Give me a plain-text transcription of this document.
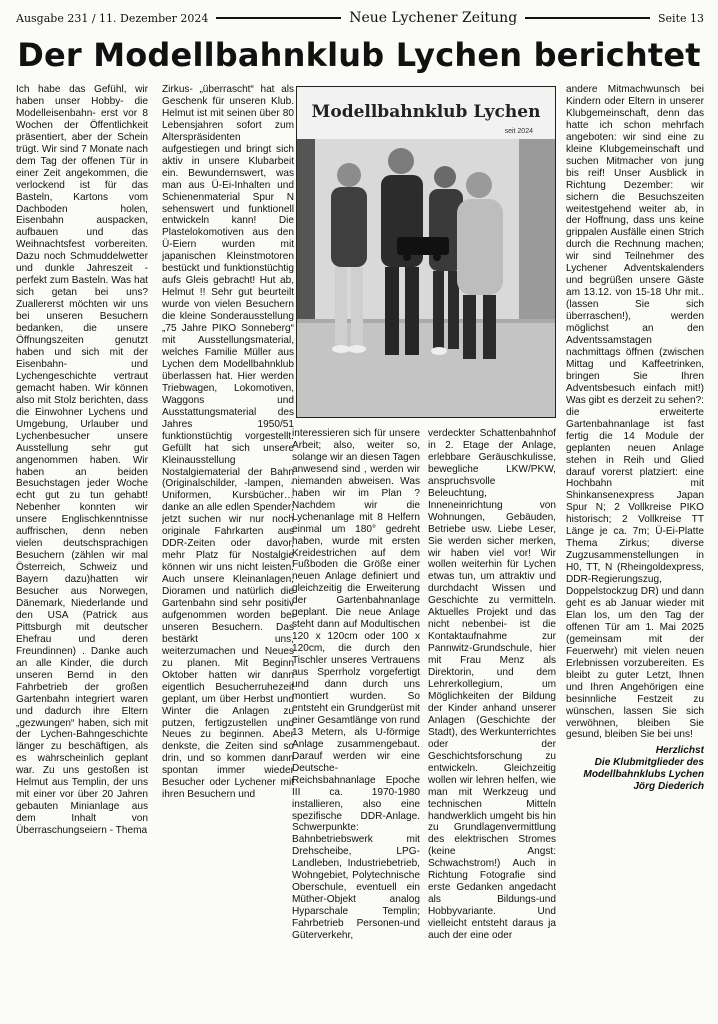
Ausgabe 231 / 11. Dezember 2024	Neue Lychener Zeitung	Seite 13
Der Modellbahnklub Lychen berichtet

Ich habe das Gefühl, wir haben unser Hobby- die Modelleisenbahn- erst vor 8 Wochen der Öffentlichkeit präsentiert, aber der Schein trügt. Wir sind 7 Monate nach dem Tag der offenen Tür in einer Zeit angekommen, die verlockend ist für das Basteln, Kartons vom Dachboden holen, Eisenbahn auspacken, aufbauen und das Weihnachtsfest vorbereiten. Dazu noch Schmuddelwetter und dunkle Jahreszeit - perfekt zum Basteln. Was hat sich getan bei uns? Zuallererst möchten wir uns bei unseren Besuchern bedanken, die unsere Öffnungszeiten genutzt haben und sich mit der Eisenbahn- und Lychengeschichte vertraut gemacht haben. Wir können also mit Stolz berichten, dass die Einwohner Lychens und Umgebung, Urlauber und Lychenbesucher unsere Ausstellung sehr gut angenommen haben. Wir haben an beiden Besuchstagen jeder Woche echt gut zu tun gehabt! Nebenher konnten wir unsere Englischkenntnisse auffrischen, denn neben vielen deutschsprachigen Besuchern (zählen wir mal Österreich, Schweiz und Bayern dazu)hatten wir Besucher aus Norwegen, Dänemark, Niederlande und den USA (Patrick aus Pittsburgh mit deutscher Ehefrau und deren Freundinnen) . Danke auch an alle Kinder, die durch unseren Bernd in den Fahrbetrieb der großen Gartenbahn integriert waren und dadurch ihre Eltern „gezwungen“ haben, sich mit der Lychen-Bahngeschichte länger zu beschäftigen, als es wahrscheinlich geplant war. Zu uns gestoßen ist Helmut aus Templin, der uns mit einer vor über 20 Jahren gebauten Minianlage aus dem Inhalt von Überraschungseiern - Thema

Zirkus- „überrascht“ hat als Geschenk für unseren Klub. Helmut ist mit seinen über 80 Lebensjahren sofort zum Alterspräsidenten aufgestiegen und bringt sich aktiv in unsere Klubarbeit ein. Bewundernswert, was man aus Ü-Ei-Inhalten und Schienenmaterial Spur N sehenswert und funktionell entwickeln kann! Die Plastelokomotiven aus den Ü-Eiern wurden mit japanischen Kleinstmotoren bestückt und funktionstüchtig aufs Gleis gebracht! Hut ab, Helmut !! Sehr gut beurteilt wurde von vielen Besuchern die kleine Sonderausstellung „75 Jahre PIKO Sonneberg“ mit Ausstellungsmaterial, welches Familie Müller aus Lychen dem Modellbahnklub überlassen hat. Hier werden Triebwagen, Lokomotiven, Waggons und Ausstattungsmaterial des Jahres 1950/51 funktionstüchtig vorgestellt. Gefüllt hat sich unsere Kleinausstellung Nostalgiematerial der Bahn (Originalschilder, -lampen, -Uniformen, Kursbücher… danke an alle edlen Spender; jetzt suchen wir nur noch originale Fahrkarten aus DDR-Zeiten oder davor, mehr Platz für Nostalgie können wir uns nicht leisten. Auch unsere Kleinanlagen, Dioramen und natürlich die Gartenbahn sind sehr positiv aufgenommen worden bei unseren Besuchern. Das bestärkt uns, weiterzumachen und Neues zu planen. Mit Beginn Oktober hatten wir dann eigentlich Besucherruhezeit geplant, um über Herbst und Winter die Anlagen zu putzen, fertigzustellen und Neues zu beginnen. Aber denkste, die Zeiten sind so drin, und so kommen dann spontan immer wieder Besucher oder Lychener mit ihren Besuchern und

Modellbahnklub Lychen
seit 2024

interessieren sich für unsere Arbeit; also, weiter so, solange wir an diesen Tagen anwesend sind , werden wir niemanden abweisen. Was haben wir im Plan ? Nachdem wir die Lychenanlage mit 8 Helfern einmal um 180° gedreht haben, wurde mit ersten Kreidestrichen auf dem Fußboden die Größe einer neuen Anlage definiert und gleichzeitig die Erweiterung der Gartenbahnanlage geplant. Die neue Anlage steht dann auf Modultischen 120 x 120cm oder 100 x 120cm, die durch den Tischler unseres Vertrauens aus Sperrholz vorgefertigt und dann durch uns montiert wurden. So entsteht ein Grundgerüst mit einer Gesamtlänge von rund 13 Metern, als U-förmige Anlage zusammengebaut. Darauf werden wir eine Deutsche-Reichsbahnanlage Epoche III ca. 1970-1980 installieren, also eine spezifische DDR-Anlage. Schwerpunkte: Bahnbetriebswerk mit Drehscheibe, LPG-Landleben, Industriebetrieb, Wohngebiet, Polytechnische Oberschule, eventuell ein Müther-Objekt analog Hyparschale Templin; Fahrbetrieb Personen-und Güterverkehr,

verdeckter Schattenbahnhof in 2. Etage der Anlage, erlebbare Geräuschkulisse, bewegliche LKW/PKW, anspruchsvolle Beleuchtung, Inneneinrichtung von Wohnungen, Gebäuden, Betriebe usw. Liebe Leser, Sie werden sicher merken, wir haben viel vor! Wir wollen weiterhin für Lychen etwas tun, um attraktiv und durchdacht Wissen und Geschichte zu vermitteln. Aktuelles Projekt und das nicht nebenbei- ist die Kontaktaufnahme zur Pannwitz-Grundschule, hier mit Frau Menz als Direktorin, und dem Lehrerkollegium, um Möglichkeiten der Bildung der Kinder anhand unserer Anlagen (Geschichte der Stadt), des Werkunterrichtes oder der Geschichtsforschung zu entwickeln. Gleichzeitig wollen wir lehren helfen, wie man mit Werkzeug und technischen Mitteln handwerklich umgeht bis hin zu Grundlagenvermittlung des elektrischen Stromes (keine Angst: Schwachstrom!) Auch in Richtung Fotografie sind erste Gedanken angedacht als Bildungs-und Hobbyvariante. Und vielleicht entsteht daraus ja auch der eine oder

andere Mitmachwunsch bei Kindern oder Eltern in unserer Klubgemeinschaft, denn das hatte ich schon mehrfach angeboten: wir sind eine zu kleine Klubgemeinschaft und suchen Mitmacher von jung bis reif! Unser Ausblick in Richtung Dezember: wir sichern die Besuchszeiten weitestgehend weiter ab, in der Hoffnung, dass uns keine grippalen Ausfälle einen Strich durch die Rechnung machen; wir sind Teilnehmer des Lychener Adventskalenders und begrüßen unsere Gäste am 13.12. von 15-18 Uhr mit.. (lassen Sie sich überraschen!), werden möglichst an den Adventssamstagen nachmittags öffnen (zwischen Mittag und Kaffeetrinken, bringen Sie Ihren Adventsbesuch einfach mit!) Was gibt es derzeit zu sehen?: die erweiterte Gartenbahnanlage ist fast fertig die 14 Module der geplanten neuen Anlage stehen in Reih und Glied darauf vorerst platziert: eine Hochbahn mit Shinkansenexpress Japan Spur N; 2 Vollkreise PIKO historisch; 2 Vollkreise TT Länge je ca. 7m; Ü-Ei-Platte Thema Zirkus; diverse Zugzusammenstellungen in H0, TT, N (Rheingoldexpress, DDR-Regierungszug, Doppelstockzug DR) und dann geht es ab Januar wieder mit Elan los, um den Tag der offenen Tür am 1. Mai 2025 (gemeinsam mit der Feuerwehr) mit vielen neuen Erlebnissen vorzubereiten. Es bleibt zu guter Letzt, Ihnen und Ihren Angehörigen eine besinnliche Festzeit zu wünschen, lassen Sie sich verwöhnen, bleiben Sie gesund, bleiben Sie bei uns!

Herzlichst
Die Klubmitglieder des
Modellbahnklubs Lychen
Jörg Diederich
